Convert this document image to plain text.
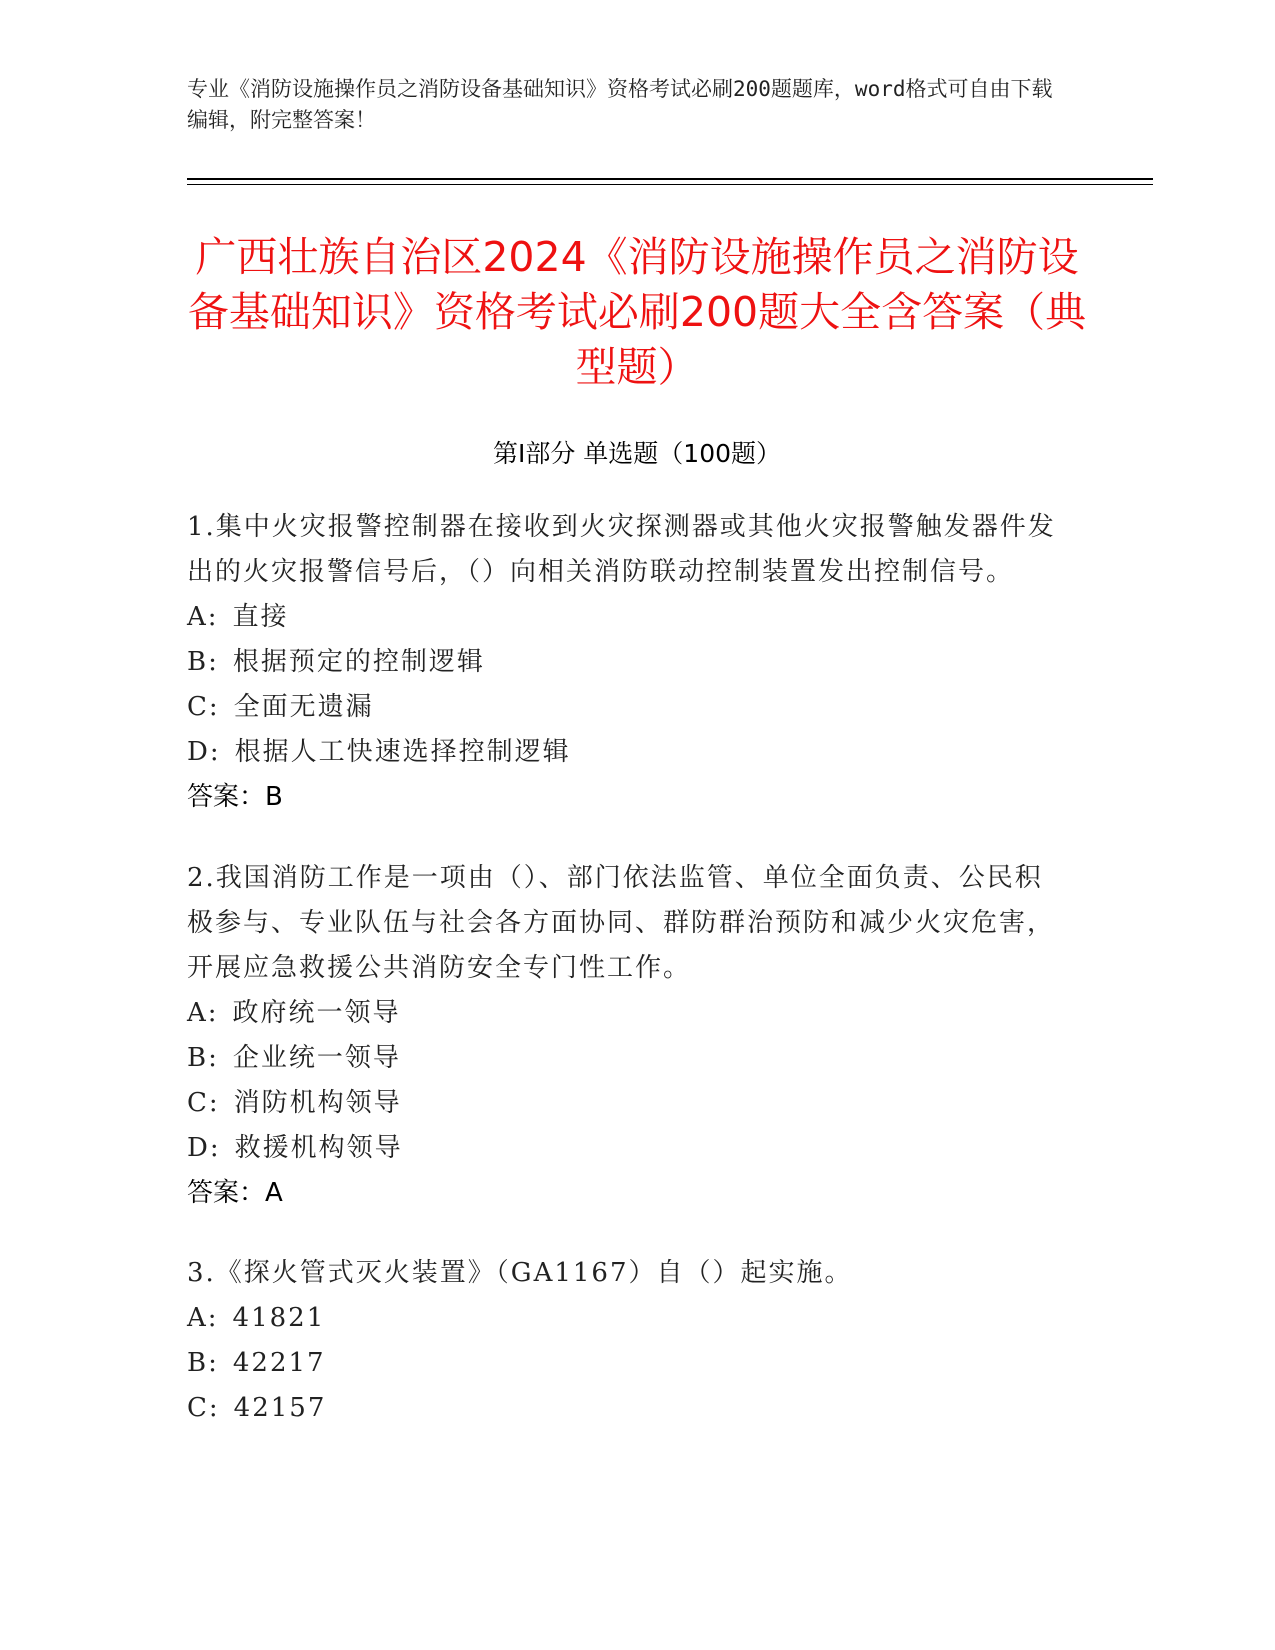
专业《消防设施操作员之消防设备基础知识》资格考试必刷200题题库，word格式可自由下载编辑，附完整答案！
广西壮族自治区2024《消防设施操作员之消防设备基础知识》资格考试必刷200题大全含答案（典型题）
第Ⅰ部分 单选题（100题）
1.集中火灾报警控制器在接收到火灾探测器或其他火灾报警触发器件发出的火灾报警信号后，（）向相关消防联动控制装置发出控制信号。
A: 直接
B: 根据预定的控制逻辑
C: 全面无遗漏
D: 根据人工快速选择控制逻辑
答案：B
2.我国消防工作是一项由（）、部门依法监管、单位全面负责、公民积极参与、专业队伍与社会各方面协同、群防群治预防和减少火灾危害，开展应急救援公共消防安全专门性工作。
A: 政府统一领导
B: 企业统一领导
C: 消防机构领导
D: 救援机构领导
答案：A
3.《探火管式灭火装置》（GA1167）自（）起实施。
A: 41821
B: 42217
C: 42157
